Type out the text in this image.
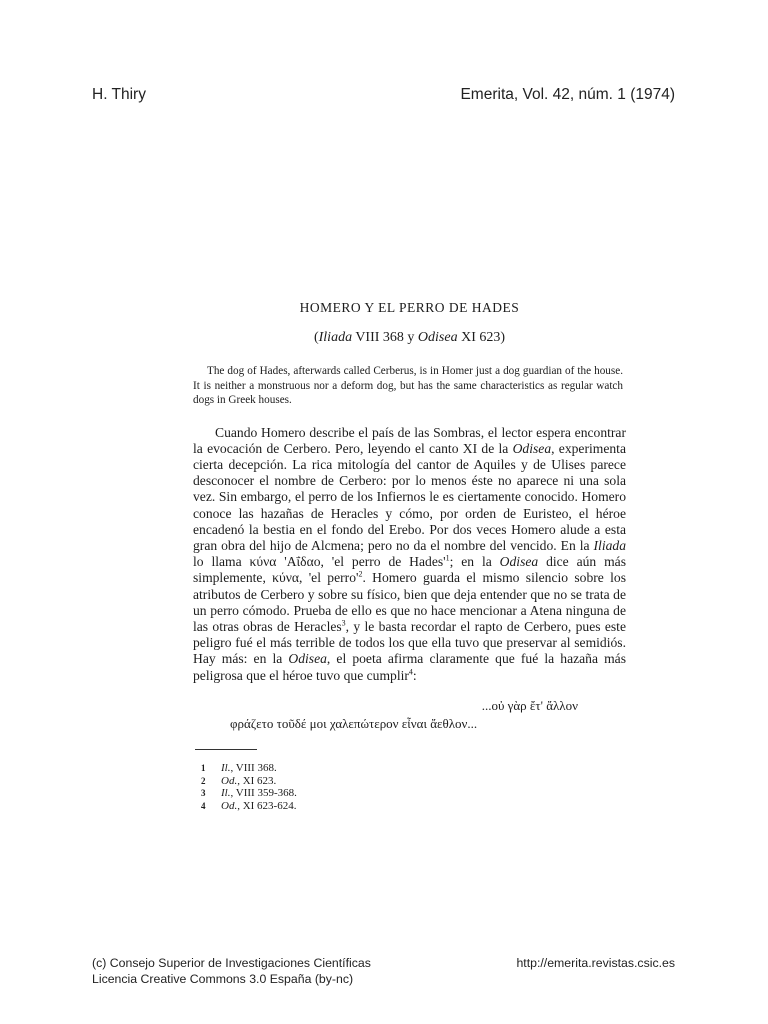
H. Thiry	Emerita, Vol. 42, núm. 1 (1974)
HOMERO Y EL PERRO DE HADES
(Iliada VIII 368 y Odisea XI 623)

The dog of Hades, afterwards called Cerberus, is in Homer just a dog guardian of the house. It is neither a monstruous nor a deform dog, but has the same characteristics as regular watch dogs in Greek houses.

Cuando Homero describe el país de las Sombras, el lector espera encontrar la evocación de Cerbero. Pero, leyendo el canto XI de la Odisea, experimenta cierta decepción. La rica mitología del cantor de Aquiles y de Ulises parece desconocer el nombre de Cerbero: por lo menos éste no aparece ni una sola vez. Sin embargo, el perro de los Infiernos le es ciertamente conocido. Homero conoce las hazañas de Heracles y cómo, por orden de Euristeo, el héroe encadenó la bestia en el fondo del Erebo. Por dos veces Homero alude a esta gran obra del hijo de Alcmena; pero no da el nombre del vencido. En la Iliada lo llama κύνα 'Αΐδαο, 'el perro de $Hades'^1$; en la Odisea dice aún más simplemente, κύνα, 'el $perro'^2$. Homero guarda el mismo silencio sobre los atributos de Cerbero y sobre su físico, bien que deja entender que no se trata de un perro cómodo. Prueba de ello es que no hace mencionar a Atena ninguna de las otras obras de Heracles$^3$, y le basta recordar el rapto de Cerbero, pues este peligro fué el más terrible de todos los que ella tuvo que preservar al semidiós. Hay más: en la Odisea, el poeta afirma claramente que fué la hazaña más peligrosa que el héroe tuvo que cumplir$^4$:

...οὐ γὰρ ἔτ' ἄλλον
φράζετο τοῦδέ μοι χαλεπώτερον εἶναι ἄεθλον...
1	Il., VIII 368.
2	Od., XI 623.
3	Il., VIII 359-368.
4	Od., XI 623-624.
(c) Consejo Superior de Investigaciones Científicas	http://emerita.revistas.csic.es
Licencia Creative Commons 3.0 España (by-nc)
